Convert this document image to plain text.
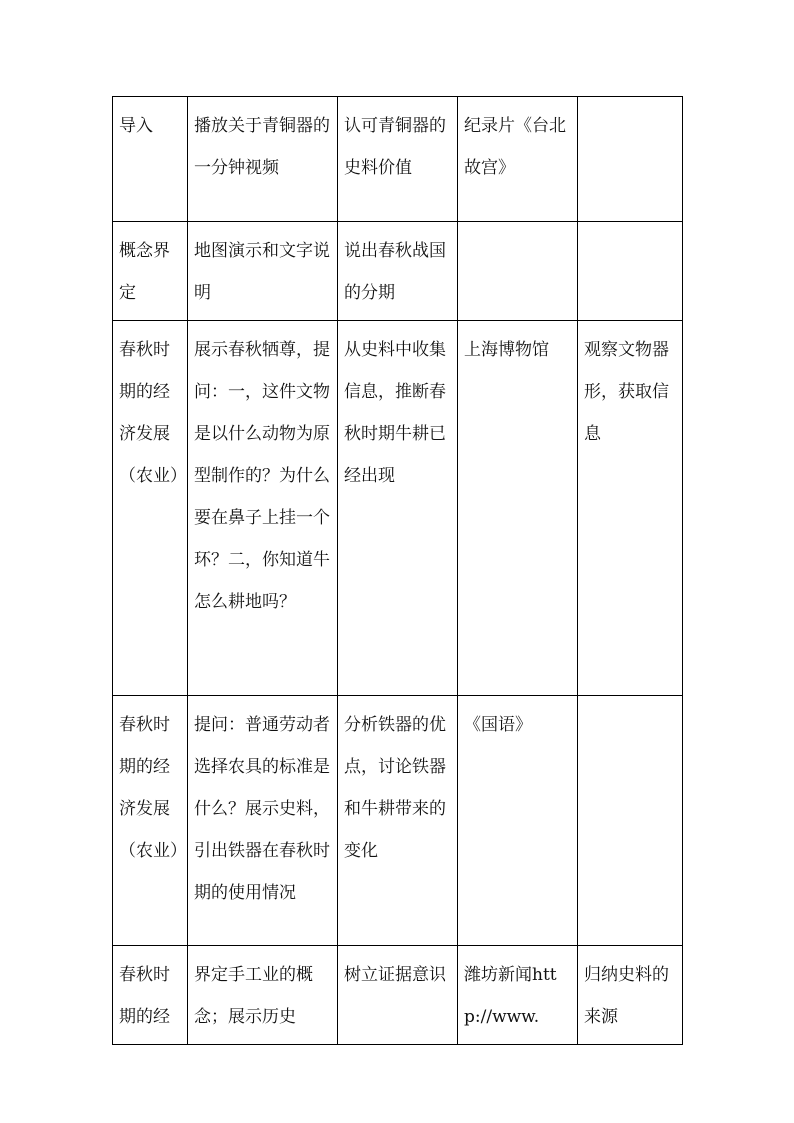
导入	播放关于青铜器的一分钟视频	认可青铜器的史料价值	纪录片《台北故宫》	

概念界定	地图演示和文字说明	说出春秋战国的分期		

春秋时期的经济发展（农业）	展示春秋牺尊，提问：一，这件文物是以什么动物为原型制作的？为什么要在鼻子上挂一个环？二，你知道牛怎么耕地吗？	从史料中收集信息，推断春秋时期牛耕已经出现	上海博物馆	观察文物器形，获取信息

春秋时期的经济发展（农业）	提问：普通劳动者选择农具的标准是什么？展示史料，引出铁器在春秋时期的使用情况	分析铁器的优点，讨论铁器和牛耕带来的变化	《国语》	

春秋时期的经	界定手工业的概念；展示历史	树立证据意识	潍坊新闻http://www.	归纳史料的来源
